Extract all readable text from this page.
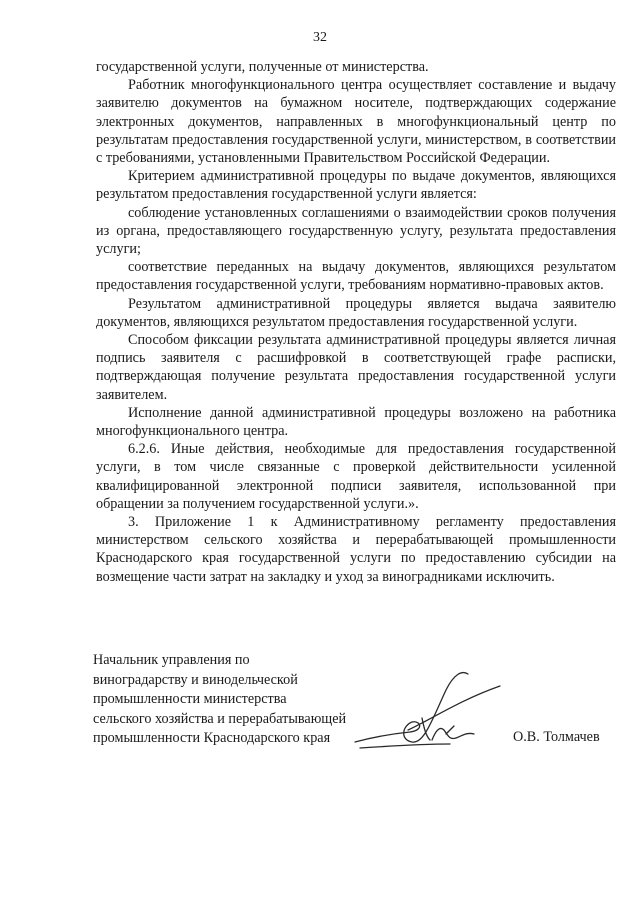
32

государственной услуги, полученные от министерства.

Работник многофункционального центра осуществляет составление и выдачу заявителю документов на бумажном носителе, подтверждающих содержание электронных документов, направленных в многофункциональный центр по результатам предоставления государственной услуги, министерством, в соответствии с требованиями, установленными Правительством Российской Федерации.

Критерием административной процедуры по выдаче документов, являющихся результатом предоставления государственной услуги является:

соблюдение установленных соглашениями о взаимодействии сроков получения из органа, предоставляющего государственную услугу, результата предоставления услуги;

соответствие переданных на выдачу документов, являющихся результатом предоставления государственной услуги, требованиям нормативно-правовых актов.

Результатом административной процедуры является выдача заявителю документов, являющихся результатом предоставления государственной услуги.

Способом фиксации результата административной процедуры является личная подпись заявителя с расшифровкой в соответствующей графе расписки, подтверждающая получение результата предоставления государственной услуги заявителем.

Исполнение данной административной процедуры возложено на работника многофункционального центра.

6.2.6. Иные действия, необходимые для предоставления государственной услуги, в том числе связанные с проверкой действительности усиленной квалифицированной электронной подписи заявителя, использованной при обращении за получением государственной услуги.».

3. Приложение 1 к Административному регламенту предоставления министерством сельского хозяйства и перерабатывающей промышленности Краснодарского края государственной услуги по предоставлению субсидии на возмещение части затрат на закладку и уход за виноградниками исключить.

Начальник управления по
виноградарству и винодельческой
промышленности министерства
сельского хозяйства и перерабатывающей
промышленности Краснодарского края	О.В. Толмачев
